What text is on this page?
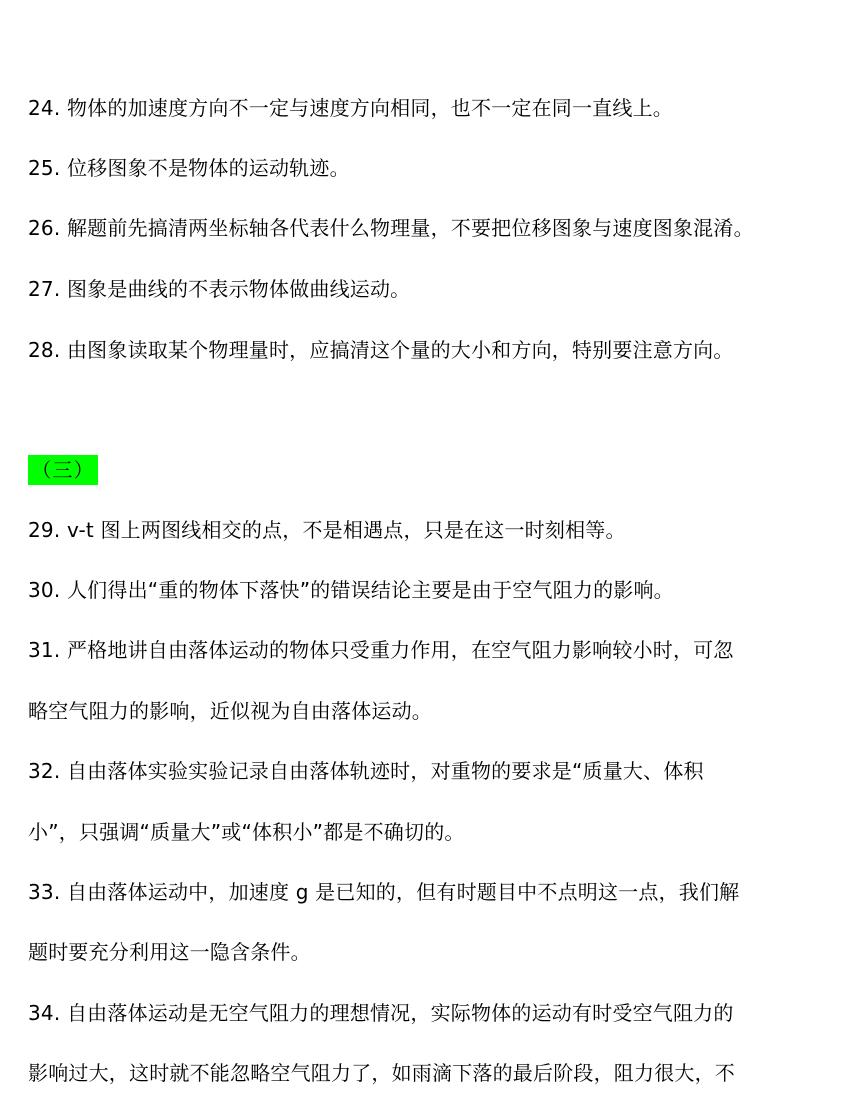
24. 物体的加速度方向不一定与速度方向相同，也不一定在同一直线上。

25. 位移图象不是物体的运动轨迹。

26. 解题前先搞清两坐标轴各代表什么物理量，不要把位移图象与速度图象混淆。

27. 图象是曲线的不表示物体做曲线运动。

28. 由图象读取某个物理量时，应搞清这个量的大小和方向，特别要注意方向。

（三）

29. v-t 图上两图线相交的点，不是相遇点，只是在这一时刻相等。

30. 人们得出“重的物体下落快”的错误结论主要是由于空气阻力的影响。

31. 严格地讲自由落体运动的物体只受重力作用，在空气阻力影响较小时，可忽

略空气阻力的影响，近似视为自由落体运动。

32. 自由落体实验实验记录自由落体轨迹时，对重物的要求是“质量大、体积

小”，只强调“质量大”或“体积小”都是不确切的。

33. 自由落体运动中，加速度 g 是已知的，但有时题目中不点明这一点，我们解

题时要充分利用这一隐含条件。

34. 自由落体运动是无空气阻力的理想情况，实际物体的运动有时受空气阻力的

影响过大，这时就不能忽略空气阻力了，如雨滴下落的最后阶段，阻力很大，不
